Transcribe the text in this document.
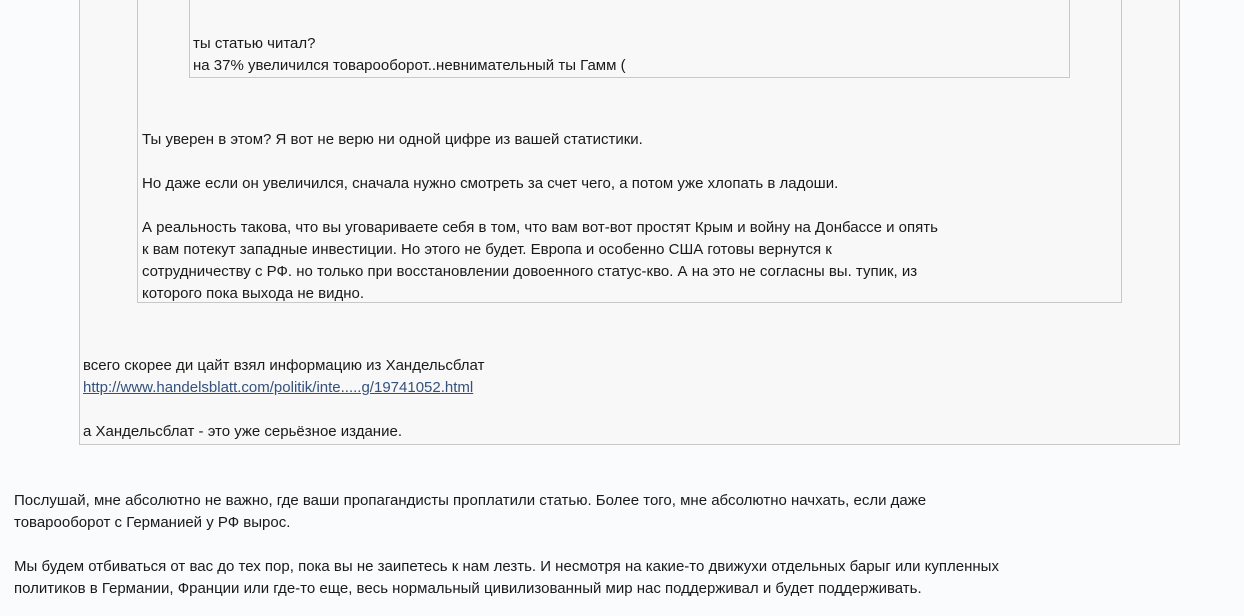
ты статью читал?
на 37% увеличился товарооборот..невнимательный ты Гамм (
Ты уверен в этом? Я вот не верю ни одной цифре из вашей статистики.
Но даже если он увеличился, сначала нужно смотреть за счет чего, а потом уже хлопать в ладоши.
А реальность такова, что вы уговариваете себя в том, что вам вот-вот простят Крым и войну на Донбассе и опять
к вам потекут западные инвестиции. Но этого не будет. Европа и особенно США готовы вернутся к
сотрудничеству с РФ. но только при восстановлении довоенного статус-кво. А на это не согласны вы. тупик, из
которого пока выхода не видно.
всего скорее ди цайт взял информацию из Хандельсблат
http://www.handelsblatt.com/politik/inte.....g/19741052.html
а Хандельсблат - это уже серьёзное издание.
Послушай, мне абсолютно не важно, где ваши пропагандисты проплатили статью. Более того, мне абсолютно начхать, если даже
товарооборот с Германией у РФ вырос.
Мы будем отбиваться от вас до тех пор, пока вы не заипетесь к нам лезть. И несмотря на какие-то движухи отдельных барыг или купленных
политиков в Германии, Франции или где-то еще, весь нормальный цивилизованный мир нас поддерживал и будет поддерживать.
